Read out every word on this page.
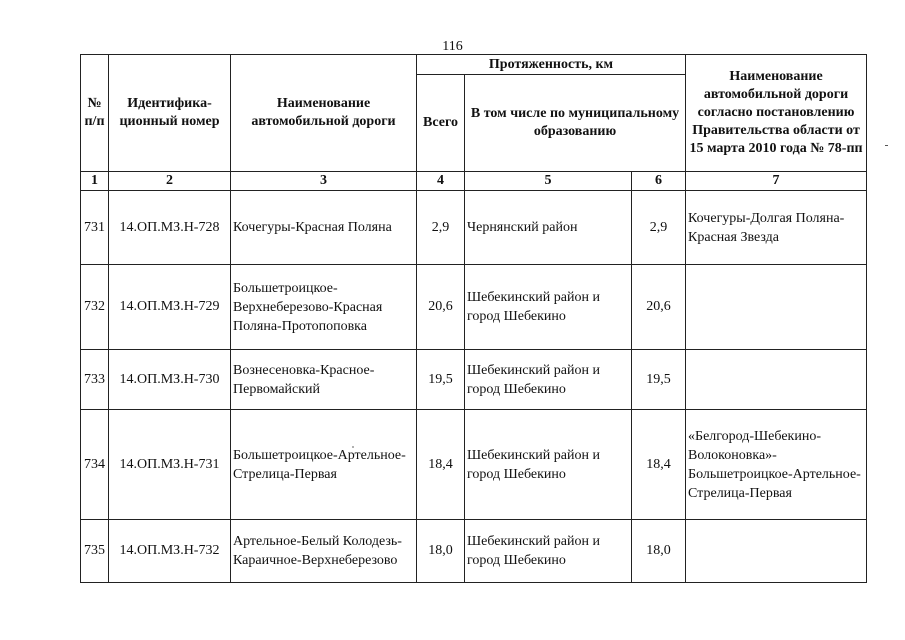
116
№ п/п	Идентифика-ционный номер	Наименование автомобильной дороги	Протяженность, км			Наименование автомобильной дороги согласно постановлению Правительства области от 15 марта 2010 года № 78-пп
			Всего	В том числе по муниципальному образованию		
1	2	3	4	5	6	7
731	14.ОП.МЗ.Н-728	Кочегуры-Красная Поляна	2,9	Чернянский район	2,9	Кочегуры-Долгая Поляна-Красная Звезда
732	14.ОП.МЗ.Н-729	Большетроицкое-Верхнеберезово-Красная Поляна-Протопоповка	20,6	Шебекинский район и город Шебекино	20,6	
733	14.ОП.МЗ.Н-730	Вознесеновка-Красное-Первомайский	19,5	Шебекинский район и город Шебекино	19,5	
734	14.ОП.МЗ.Н-731	Большетроицкое-Артельное-Стрелица-Первая	18,4	Шебекинский район и город Шебекино	18,4	«Белгород-Шебекино-Волоконовка»-Большетроицкое-Артельное-Стрелица-Первая
735	14.ОП.МЗ.Н-732	Артельное-Белый Колодезь-Караичное-Верхнеберезово	18,0	Шебекинский район и город Шебекино	18,0	
